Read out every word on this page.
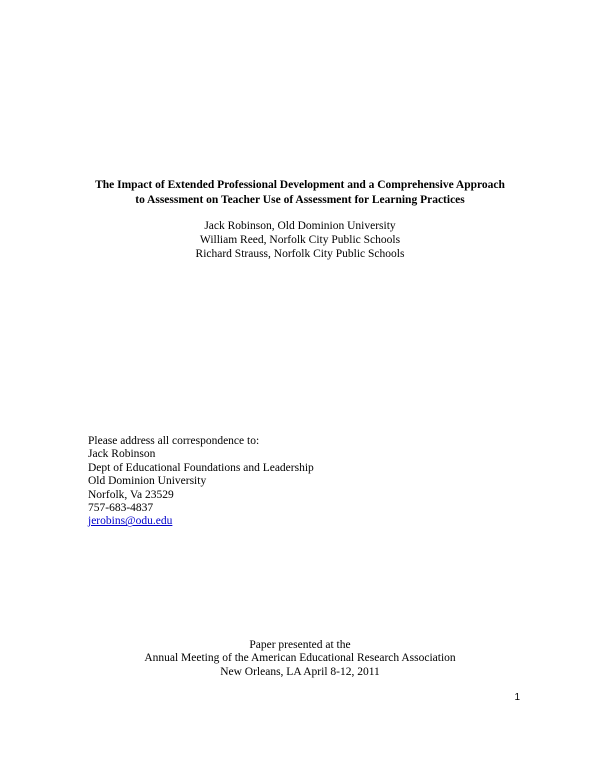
The Impact of Extended Professional Development and a Comprehensive Approach
to Assessment on Teacher Use of Assessment for Learning Practices
Jack Robinson, Old Dominion University
William Reed, Norfolk City Public Schools
Richard Strauss, Norfolk City Public Schools
Please address all correspondence to:
Jack Robinson
Dept of Educational Foundations and Leadership
Old Dominion University
Norfolk, Va 23529
757-683-4837
jerobins@odu.edu
Paper presented at the
Annual Meeting of the American Educational Research Association
New Orleans, LA April 8-12, 2011
1
